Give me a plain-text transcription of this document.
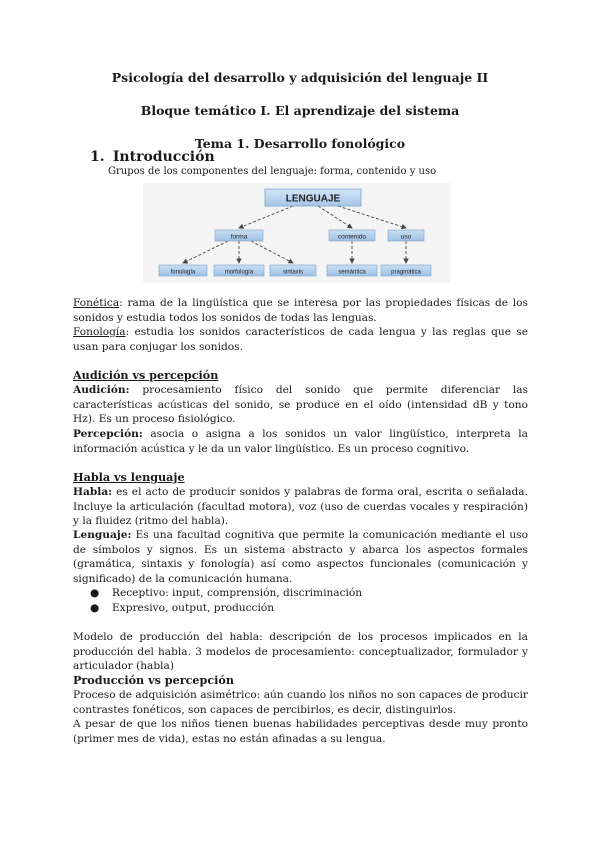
Psicología del desarrollo y adquisición del lenguaje II
Bloque temático I. El aprendizaje del sistema
Tema 1. Desarrollo fonológico
1. Introducción
Grupos de los componentes del lenguaje: forma, contenido y uso
LENGUAJE
forma	contenido	uso
fonología	morfología	sintaxis	semántica	pragmática
Fonética: rama de la lingüística que se interesa por las propiedades físicas de los sonidos y estudia todos los sonidos de todas las lenguas.
Fonología: estudia los sonidos característicos de cada lengua y las reglas que se usan para conjugar los sonidos.
Audición vs percepción
Audición: procesamiento físico del sonido que permite diferenciar las características acústicas del sonido, se produce en el oído (intensidad dB y tono Hz). Es un proceso fisiológico.
Percepción: asocia o asigna a los sonidos un valor lingüístico, interpreta la información acústica y le da un valor lingüístico. Es un proceso cognitivo.
Habla vs lenguaje
Habla: es el acto de producir sonidos y palabras de forma oral, escrita o señalada. Incluye la articulación (facultad motora), voz (uso de cuerdas vocales y respiración) y la fluidez (ritmo del habla).
Lenguaje: Es una facultad cognitiva que permite la comunicación mediante el uso de símbolos y signos. Es un sistema abstracto y abarca los aspectos formales (gramática, sintaxis y fonología) así como aspectos funcionales (comunicación y significado) de la comunicación humana.
● Receptivo: input, comprensión, discriminación
● Expresivo, output, producción
Modelo de producción del habla: descripción de los procesos implicados en la producción del habla. 3 modelos de procesamiento: conceptualizador, formulador y articulador (habla)
Producción vs percepción
Proceso de adquisición asimétrico: aún cuando los niños no son capaces de producir contrastes fonéticos, son capaces de percibirlos, es decir, distinguirlos.
A pesar de que los niños tienen buenas habilidades perceptivas desde muy pronto (primer mes de vida), estas no están afinadas a su lengua.
